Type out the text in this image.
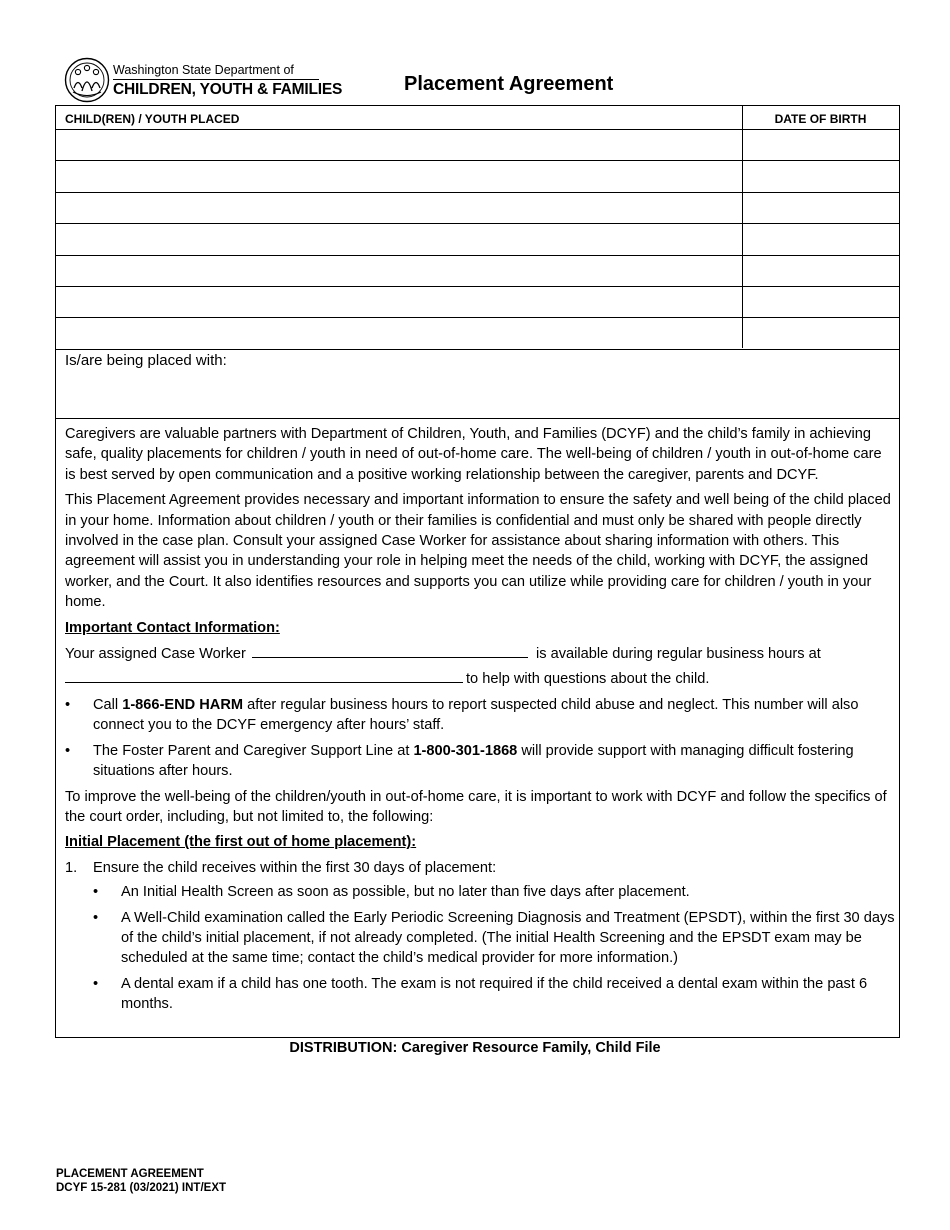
Washington State Department of
CHILDREN, YOUTH & FAMILIES	Placement Agreement
CHILD(REN) / YOUTH PLACED	DATE OF BIRTH
Is/are being placed with:

Caregivers are valuable partners with Department of Children, Youth, and Families (DCYF) and the child’s family in achieving safe, quality placements for children / youth in need of out-of-home care. The well-being of children / youth in out-of-home care is best served by open communication and a positive working relationship between the caregiver, parents and DCYF.

This Placement Agreement provides necessary and important information to ensure the safety and well being of the child placed in your home. Information about children / youth or their families is confidential and must only be shared with people directly involved in the case plan. Consult your assigned Case Worker for assistance about sharing information with others. This agreement will assist you in understanding your role in helping meet the needs of the child, working with DCYF, the assigned worker, and the Court. It also identifies resources and supports you can utilize while providing care for children / youth in your home.

Important Contact Information:
Your assigned Case Worker	is available during regular business hours at
to help with questions about the child.
• Call 1-866-END HARM after regular business hours to report suspected child abuse and neglect. This number will also connect you to the DCYF emergency after hours’ staff.
• The Foster Parent and Caregiver Support Line at 1-800-301-1868 will provide support with managing difficult fostering situations after hours.

To improve the well-being of the children/youth in out-of-home care, it is important to work with DCYF and follow the specifics of the court order, including, but not limited to, the following:

Initial Placement (the first out of home placement):
1. Ensure the child receives within the first 30 days of placement:
• An Initial Health Screen as soon as possible, but no later than five days after placement.
• A Well-Child examination called the Early Periodic Screening Diagnosis and Treatment (EPSDT), within the first 30 days of the child’s initial placement, if not already completed. (The initial Health Screening and the EPSDT exam may be scheduled at the same time; contact the child’s medical provider for more information.)
• A dental exam if a child has one tooth. The exam is not required if the child received a dental exam within the past 6 months.
DISTRIBUTION: Caregiver Resource Family, Child File
PLACEMENT AGREEMENT
DCYF 15-281 (03/2021) INT/EXT
